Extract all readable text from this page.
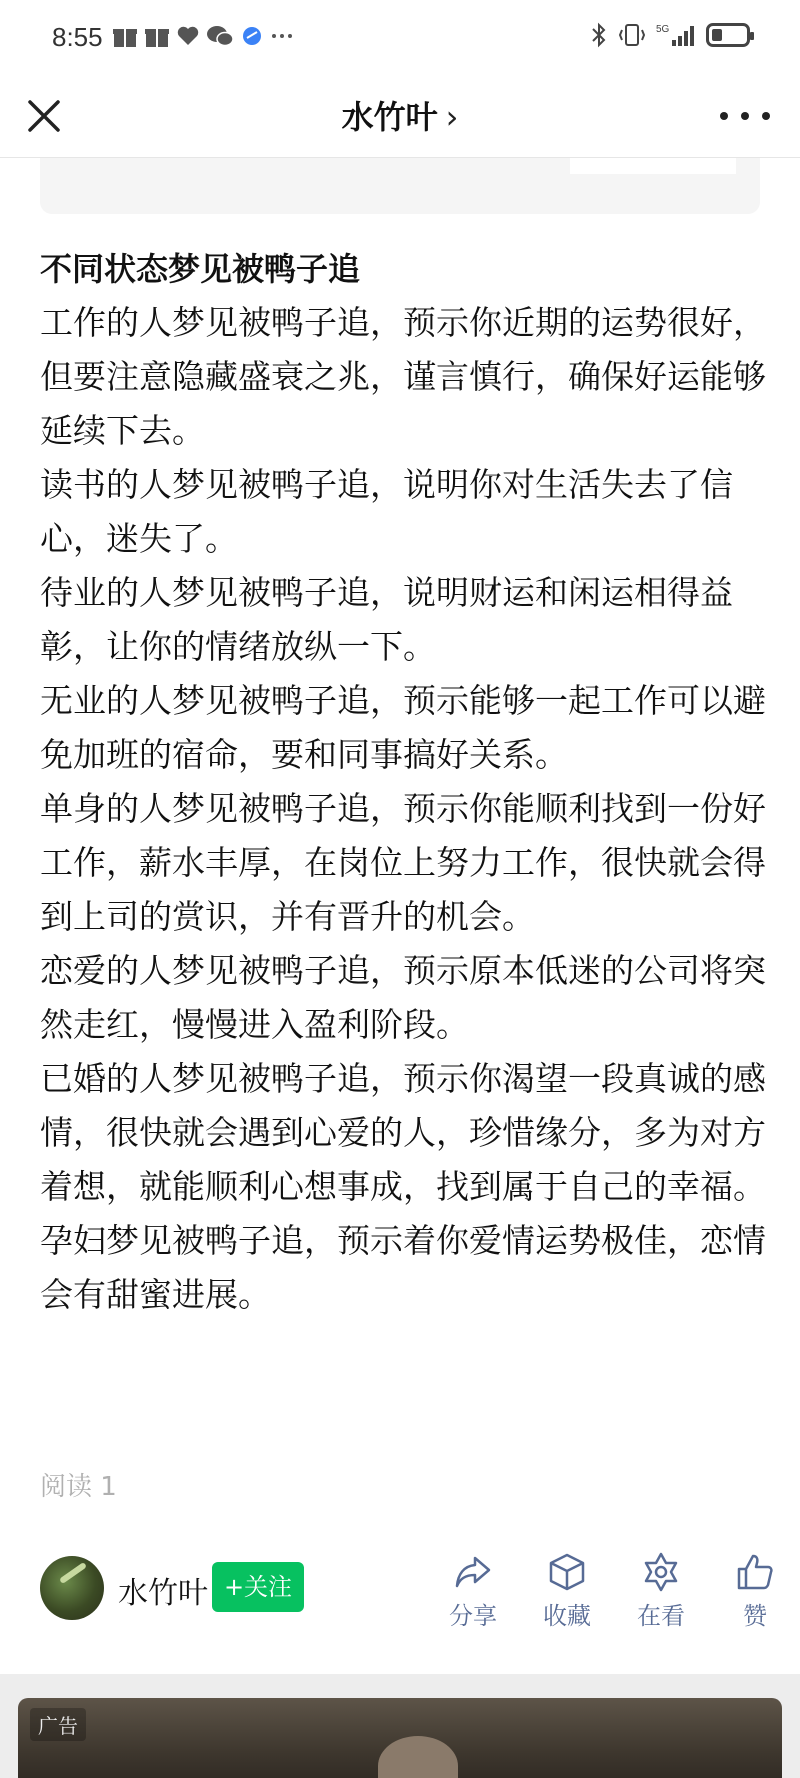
8:55	5G
水竹叶 ›
不同状态梦见被鸭子追

工作的人梦见被鸭子追，预示你近期的运势很好，但要注意隐藏盛衰之兆，谨言慎行，确保好运能够延续下去。

读书的人梦见被鸭子追，说明你对生活失去了信心，迷失了。

待业的人梦见被鸭子追，说明财运和闲运相得益彰，让你的情绪放纵一下。

无业的人梦见被鸭子追，预示能够一起工作可以避免加班的宿命，要和同事搞好关系。

单身的人梦见被鸭子追，预示你能顺利找到一份好工作，薪水丰厚，在岗位上努力工作，很快就会得到上司的赏识，并有晋升的机会。

恋爱的人梦见被鸭子追，预示原本低迷的公司将突然走红，慢慢进入盈利阶段。

已婚的人梦见被鸭子追，预示你渴望一段真诚的感情，很快就会遇到心爱的人，珍惜缘分，多为对方着想，就能顺利心想事成，找到属于自己的幸福。

孕妇梦见被鸭子追，预示着你爱情运势极佳，恋情会有甜蜜进展。

阅读 1
水竹叶 +关注
分享	收藏	在看	赞
广告
